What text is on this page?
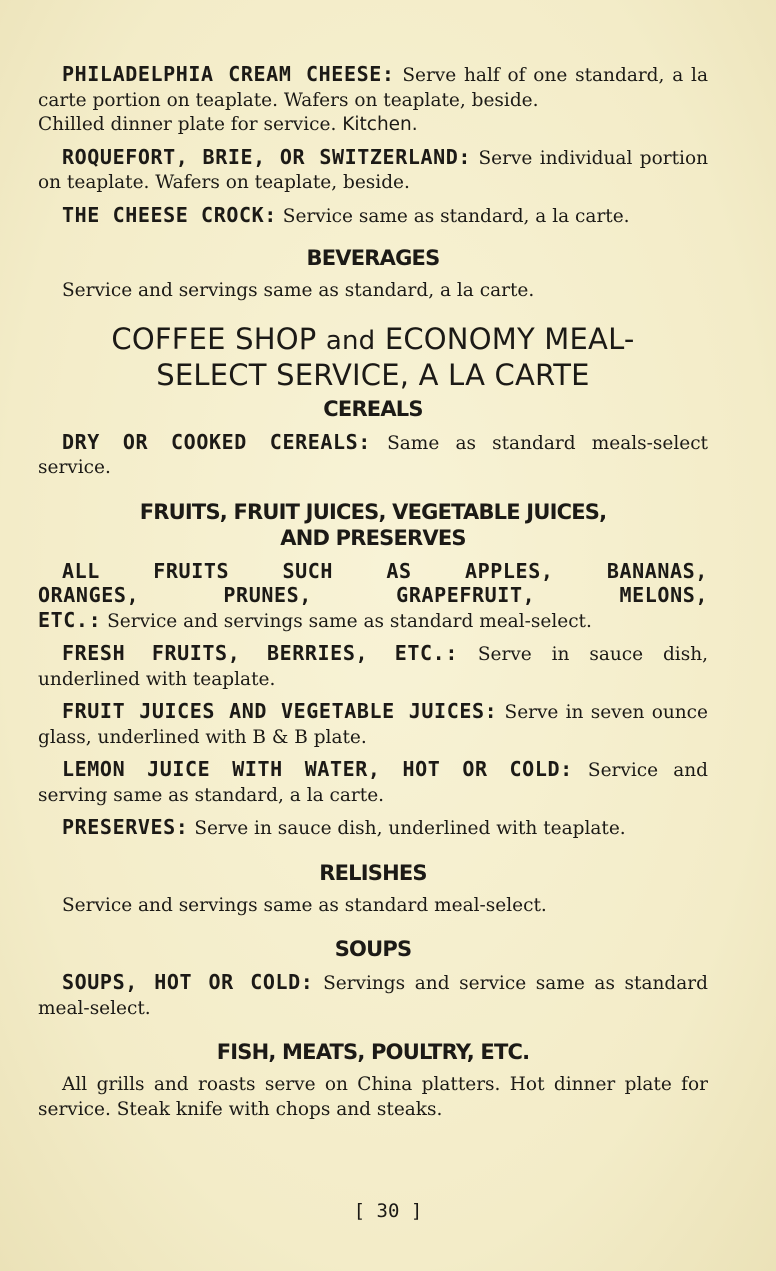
PHILADELPHIA CREAM CHEESE: Serve half of one standard, a la carte portion on teaplate. Wafers on teaplate, beside.
Chilled dinner plate for service. Kitchen.

ROQUEFORT, BRIE, OR SWITZERLAND: Serve individual portion on teaplate. Wafers on teaplate, beside.

THE CHEESE CROCK: Service same as standard, a la carte.

BEVERAGES

Service and servings same as standard, a la carte.

COFFEE SHOP and ECONOMY MEAL-
SELECT SERVICE, A LA CARTE
CEREALS

DRY OR COOKED CEREALS: Same as standard meals-select service.

FRUITS, FRUIT JUICES, VEGETABLE JUICES,
AND PRESERVES
ALL	FRUITS	SUCH	AS	APPLES,	BANANAS,
ORANGES,	PRUNES,	GRAPEFRUIT,	MELONS,
ETC.: Service and servings same as standard meal-select.

FRESH FRUITS, BERRIES, ETC.: Serve in sauce dish, underlined with teaplate.

FRUIT JUICES AND VEGETABLE JUICES: Serve in seven ounce glass, underlined with B & B plate.

LEMON JUICE WITH WATER, HOT OR COLD: Service and serving same as standard, a la carte.

PRESERVES: Serve in sauce dish, underlined with teaplate.

RELISHES

Service and servings same as standard meal-select.

SOUPS

SOUPS, HOT OR COLD: Servings and service same as standard meal-select.

FISH, MEATS, POULTRY, ETC.

All grills and roasts serve on China platters. Hot dinner plate for service. Steak knife with chops and steaks.

[ 30 ]
